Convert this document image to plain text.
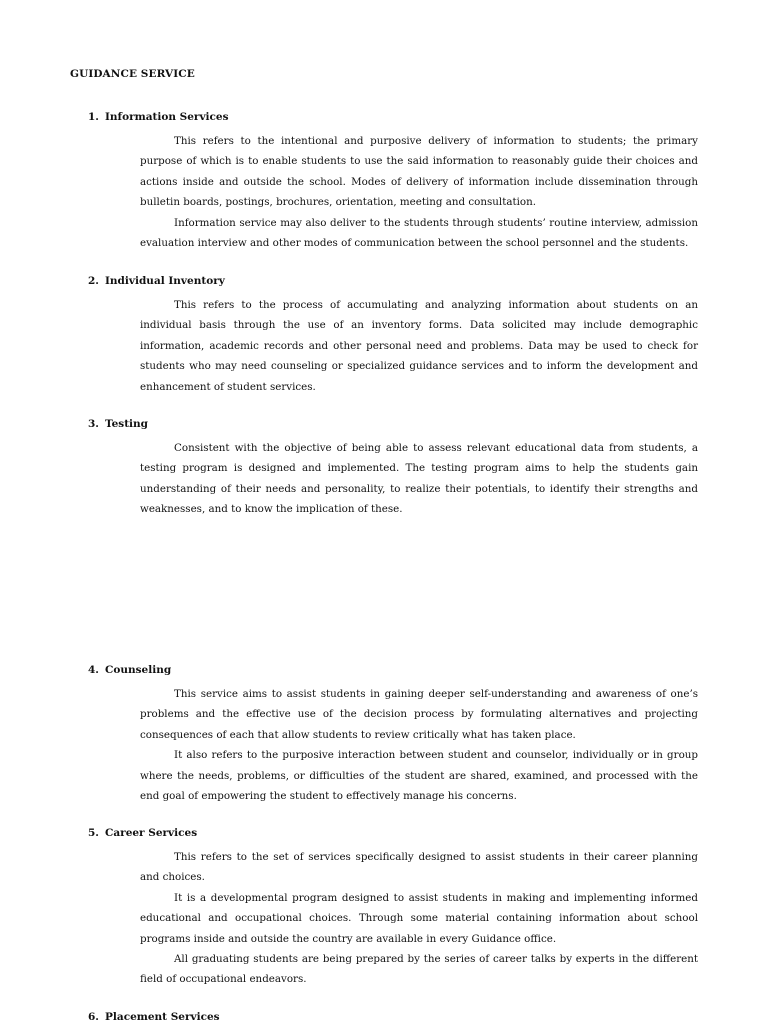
GUIDANCE SERVICE
1. Information Services

This refers to the intentional and purposive delivery of information to students; the primary purpose of which is to enable students to use the said information to reasonably guide their choices and actions inside and outside the school. Modes of delivery of information include dissemination through bulletin boards, postings, brochures, orientation, meeting and consultation.

Information service may also deliver to the students through students’ routine interview, admission evaluation interview and other modes of communication between the school personnel and the students.

2. Individual Inventory

This refers to the process of accumulating and analyzing information about students on an individual basis through the use of an inventory forms. Data solicited may include demographic information, academic records and other personal need and problems. Data may be used to check for students who may need counseling or specialized guidance services and to inform the development and enhancement of student services.

3. Testing

Consistent with the objective of being able to assess relevant educational data from students, a testing program is designed and implemented. The testing program aims to help the students gain understanding of their needs and personality, to realize their potentials, to identify their strengths and weaknesses, and to know the implication of these.

4. Counseling

This service aims to assist students in gaining deeper self-understanding and awareness of one’s problems and the effective use of the decision process by formulating alternatives and projecting consequences of each that allow students to review critically what has taken place.

It also refers to the purposive interaction between student and counselor, individually or in group where the needs, problems, or difficulties of the student are shared, examined, and processed with the end goal of empowering the student to effectively manage his concerns.

5. Career Services

This refers to the set of services specifically designed to assist students in their career planning and choices.

It is a developmental program designed to assist students in making and implementing informed educational and occupational choices. Through some material containing information about school programs inside and outside the country are available in every Guidance office.

All graduating students are being prepared by the series of career talks by experts in the different field of occupational endeavors.

6. Placement Services
